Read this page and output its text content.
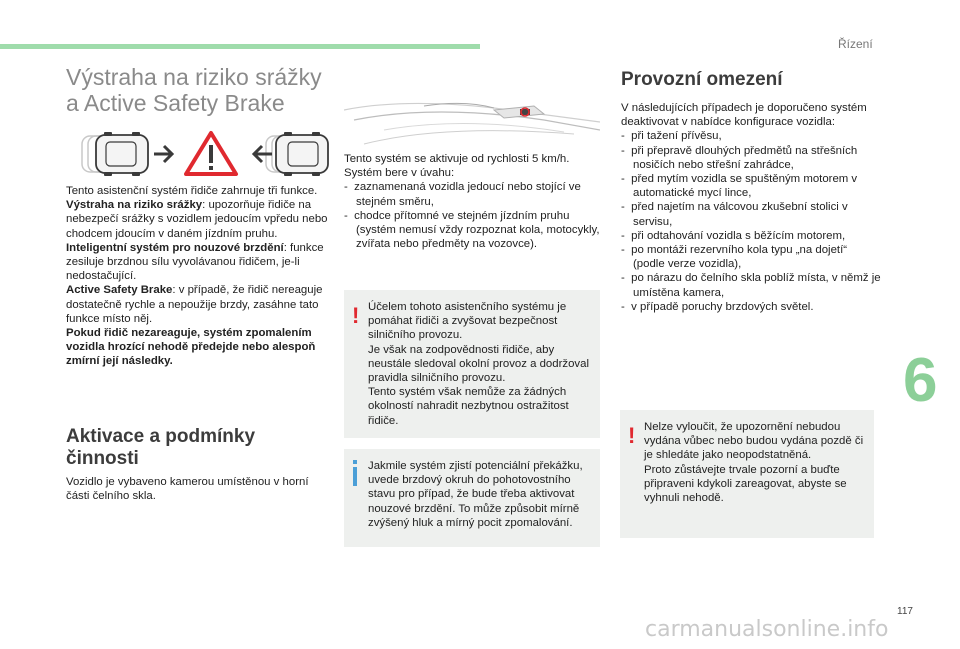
Řízení
6
117
Výstraha na riziko srážky
a Active Safety Brake
Tento asistenční systém řidiče zahrnuje tři funkce.
Výstraha na riziko srážky: upozorňuje řidiče na nebezpečí srážky s vozidlem jedoucím vpředu nebo chodcem jdoucím v daném jízdním pruhu.
Inteligentní systém pro nouzové brzdění: funkce zesiluje brzdnou sílu vyvolávanou řidičem, je-li nedostačující.
Active Safety Brake: v případě, že řidič nereaguje dostatečně rychle a nepoužije brzdy, zasáhne tato funkce místo něj.
Pokud řidič nezareaguje, systém zpomalením vozidla hrozící nehodě předejde nebo alespoň zmírní její následky.
Aktivace a podmínky
činnosti
Vozidlo je vybaveno kamerou umístěnou v horní části čelního skla.
Tento systém se aktivuje od rychlosti 5 km/h.
Systém bere v úvahu:
- zaznamenaná vozidla jedoucí nebo stojící ve stejném směru,
- chodce přítomné ve stejném jízdním pruhu (systém nemusí vždy rozpoznat kola, motocykly, zvířata nebo předměty na vozovce).
! Účelem tohoto asistenčního systému je pomáhat řidiči a zvyšovat bezpečnost silničního provozu.
Je však na zodpovědnosti řidiče, aby neustále sledoval okolní provoz a dodržoval pravidla silničního provozu.
Tento systém však nemůže za žádných okolností nahradit nezbytnou ostražitost řidiče.
Jakmile systém zjistí potenciální překážku, uvede brzdový okruh do pohotovostního stavu pro případ, že bude třeba aktivovat nouzové brzdění. To může způsobit mírně zvýšený hluk a mírný pocit zpomalování.
Provozní omezení
V následujících případech je doporučeno systém deaktivovat v nabídce konfigurace vozidla:
- při tažení přívěsu,
- při přepravě dlouhých předmětů na střešních nosičích nebo střešní zahrádce,
- před mytím vozidla se spuštěným motorem v automatické mycí lince,
- před najetím na válcovou zkušební stolici v servisu,
- při odtahování vozidla s běžícím motorem,
- po montáži rezervního kola typu „na dojetí“ (podle verze vozidla),
- po nárazu do čelního skla poblíž místa, v němž je umístěna kamera,
- v případě poruchy brzdových světel.
! Nelze vyloučit, že upozornění nebudou vydána vůbec nebo budou vydána pozdě či je shledáte jako neopodstatněná.
Proto zůstávejte trvale pozorní a buďte připraveni kdykoli zareagovat, abyste se vyhnuli nehodě.
carmanualsonline.info
